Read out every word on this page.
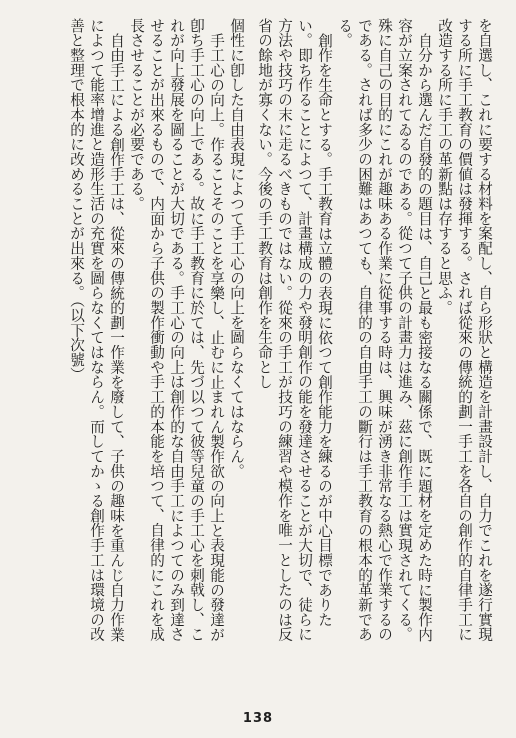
を自選し、これに要する材料を案配し、自ら形狀と構造を計畫設計し、自力でこれを遂行實現する所に手工教育の價値は發揮する。されば從來の傳統的劃一手工を各自の創作的自律手工に改造する所に手工の革新點は存すると思ふ。

自分から選んだ自發的の題目は、自己と最も密接なる關係で、既に題材を定めた時に製作内容が立案されてゐるのである。從つて子供の計畫力は進み、茲に創作手工は實現されてくる。殊に自己の目的にこれが趣味ある作業に從事する時は、興味が湧き非常なる熱心で作業するのである。されば多少の困難はあつても、自律的の自由手工の斷行は手工教育の根本的革新である。

創作を生命とする。手工教育は立體の表現に依つて創作能力を練るのが中心目標でありたい。即ち作ることによつて、計畫構成の力や發明創作の能を發達させることが大切で、徒らに方法や技巧の末に走るべきものではない。從來の手工が技巧の練習や模作を唯一としたのは反省の餘地が寡くない。今後の手工教育は創作を生命とし

個性に卽した自由表現によつて手工心の向上を圖らなくてはならん。

手工心の向上。作ることそのことを享樂し、止むに止まれん製作欲の向上と表現能の發達が卽ち手工心の向上である。故に手工教育に於ては、先づ以つて彼等兒童の手工心を刺戟し、これが向上發展を圖ることが大切である。手工心の向上は創作的な自由手工によつてのみ到達させることが出來るもので、内面から子供の製作衝動や手工的本能を培つて、自律的にこれを成長させることが必要である。

自由手工による創作手工は、從來の傳統的劃一作業を廢して、子供の趣味を重んじ自力作業によつて能率增進と造形生活の充實を圖らなくてはならん。而してかゝる創作手工は環境の改善と整理で根本的に改めることが出來る。（以下次號）

138
